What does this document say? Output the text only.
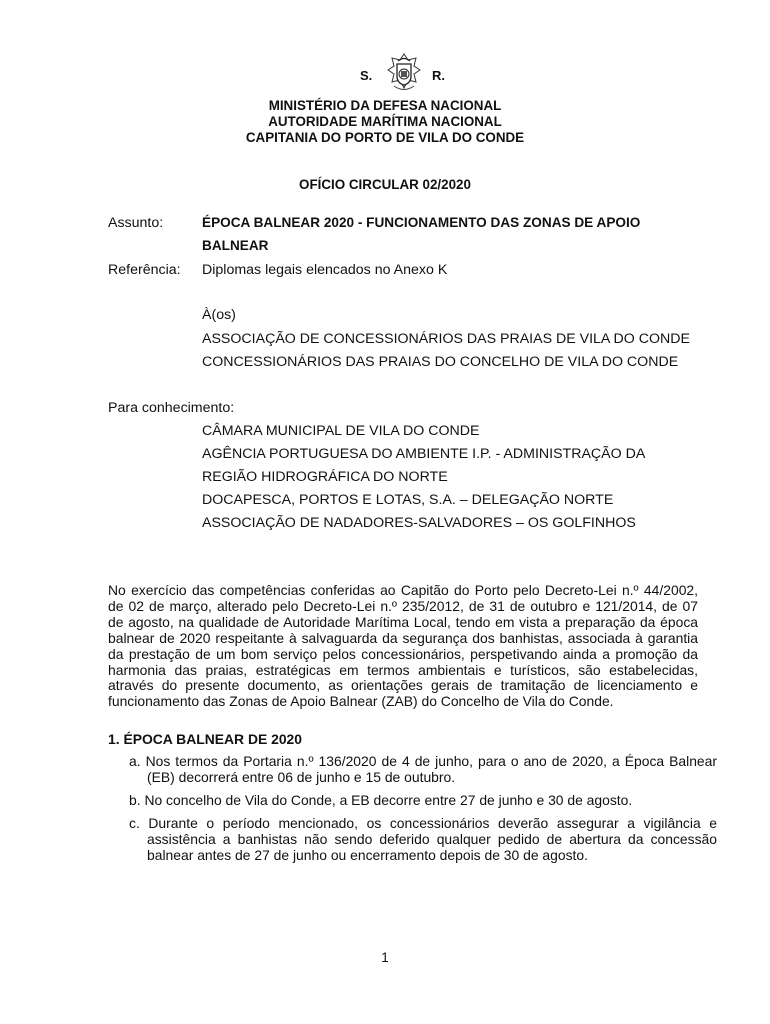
S.	R.
MINISTÉRIO DA DEFESA NACIONAL
AUTORIDADE MARÍTIMA NACIONAL
CAPITANIA DO PORTO DE VILA DO CONDE
OFÍCIO CIRCULAR 02/2020
Assunto:	ÉPOCA BALNEAR 2020 - FUNCIONAMENTO DAS ZONAS DE APOIO
BALNEAR
Referência: Diplomas legais elencados no Anexo K
À(os)
ASSOCIAÇÃO DE CONCESSIONÁRIOS DAS PRAIAS DE VILA DO CONDE
CONCESSIONÁRIOS DAS PRAIAS DO CONCELHO DE VILA DO CONDE
Para conhecimento:
CÂMARA MUNICIPAL DE VILA DO CONDE
AGÊNCIA PORTUGUESA DO AMBIENTE I.P. - ADMINISTRAÇÃO DA
REGIÃO HIDROGRÁFICA DO NORTE
DOCAPESCA, PORTOS E LOTAS, S.A. – DELEGAÇÃO NORTE
ASSOCIAÇÃO DE NADADORES-SALVADORES – OS GOLFINHOS

No exercício das competências conferidas ao Capitão do Porto pelo Decreto-Lei n.º 44/2002, de 02 de março, alterado pelo Decreto-Lei n.º 235/2012, de 31 de outubro e 121/2014, de 07 de agosto, na qualidade de Autoridade Marítima Local, tendo em vista a preparação da época balnear de 2020 respeitante à salvaguarda da segurança dos banhistas, associada à garantia da prestação de um bom serviço pelos concessionários, perspetivando ainda a promoção da harmonia das praias, estratégicas em termos ambientais e turísticos, são estabelecidas, através do presente documento, as orientações gerais de tramitação de licenciamento e funcionamento das Zonas de Apoio Balnear (ZAB) do Concelho de Vila do Conde.

1. ÉPOCA BALNEAR DE 2020

a. Nos termos da Portaria n.º 136/2020 de 4 de junho, para o ano de 2020, a Época Balnear (EB) decorrerá entre 06 de junho e 15 de outubro.

b. No concelho de Vila do Conde, a EB decorre entre 27 de junho e 30 de agosto.

c. Durante o período mencionado, os concessionários deverão assegurar a vigilância e assistência a banhistas não sendo deferido qualquer pedido de abertura da concessão balnear antes de 27 de junho ou encerramento depois de 30 de agosto.

1
